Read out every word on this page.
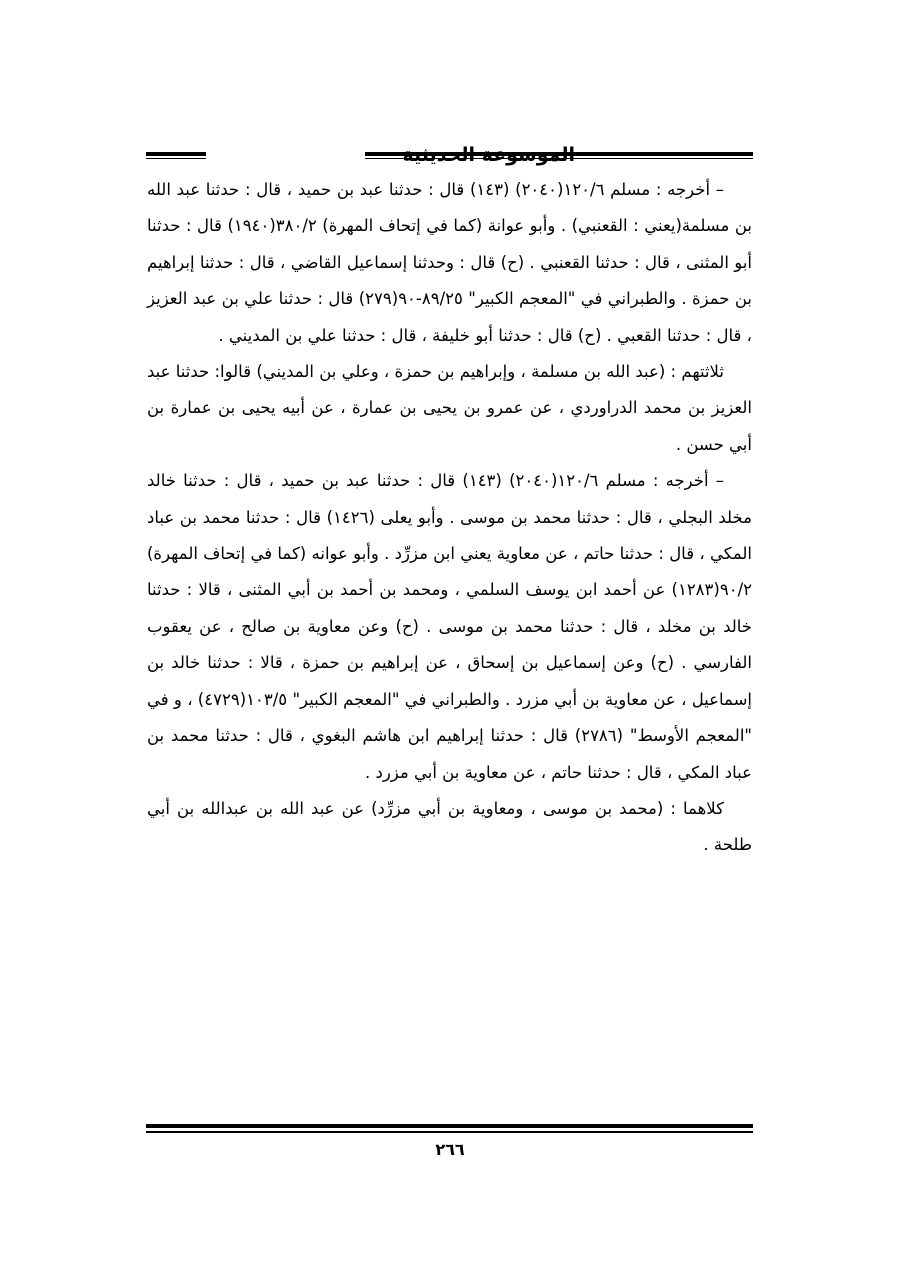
الموسوعة الحديثية

– أخرجه : مسلم ١٢٠/٦(٢٠٤٠) (١٤٣) قال : حدثنا عبد بن حميد ، قال : حدثنا عبد الله بن مسلمة(يعني : القعنبي) . وأبو عوانة (كما في إتحاف المهرة) ٣٨٠/٢(١٩٤٠) قال : حدثنا أبو المثنى ، قال : حدثنا القعنبي . (ح) قال : وحدثنا إسماعيل القاضي ، قال : حدثنا إبراهيم بن حمزة . والطبراني في "المعجم الكبير" ٨٩/٢٥-٩٠(٢٧٩) قال : حدثنا علي بن عبد العزيز ، قال : حدثنا القعبي . (ح) قال : حدثنا أبو خليفة ، قال : حدثنا علي بن المديني .

ثلاثتهم : (عبد الله بن مسلمة ، وإبراهيم بن حمزة ، وعلي بن المديني) قالوا: حدثنا عبد العزيز بن محمد الدراوردي ، عن عمرو بن يحيى بن عمارة ، عن أبيه يحيى بن عمارة بن أبي حسن .

– أخرجه : مسلم ١٢٠/٦(٢٠٤٠) (١٤٣) قال : حدثنا عبد بن حميد ، قال : حدثنا خالد مخلد البجلي ، قال : حدثنا محمد بن موسى . وأبو يعلى (١٤٢٦) قال : حدثنا محمد بن عباد المكي ، قال : حدثنا حاتم ، عن معاوية يعني ابن مزرِّد . وأبو عوانه (كما في إتحاف المهرة) ٩٠/٢(١٢٨٣) عن أحمد ابن يوسف السلمي ، ومحمد بن أحمد بن أبي المثنى ، قالا : حدثنا خالد بن مخلد ، قال : حدثنا محمد بن موسى . (ح) وعن معاوية بن صالح ، عن يعقوب الفارسي . (ح) وعن إسماعيل بن إسحاق ، عن إبراهيم بن حمزة ، قالا : حدثنا خالد بن إسماعيل ، عن معاوية بن أبي مزرد . والطبراني في "المعجم الكبير" ١٠٣/٥(٤٧٢٩) ، و في "المعجم الأوسط" (٢٧٨٦) قال : حدثنا إبراهيم ابن هاشم البغوي ، قال : حدثنا محمد بن عباد المكي ، قال : حدثنا حاتم ، عن معاوية بن أبي مزرد .

كلاهما : (محمد بن موسى ، ومعاوية بن أبي مزرِّد) عن عبد الله بن عبدالله بن أبي طلحة .

٢٦٦
